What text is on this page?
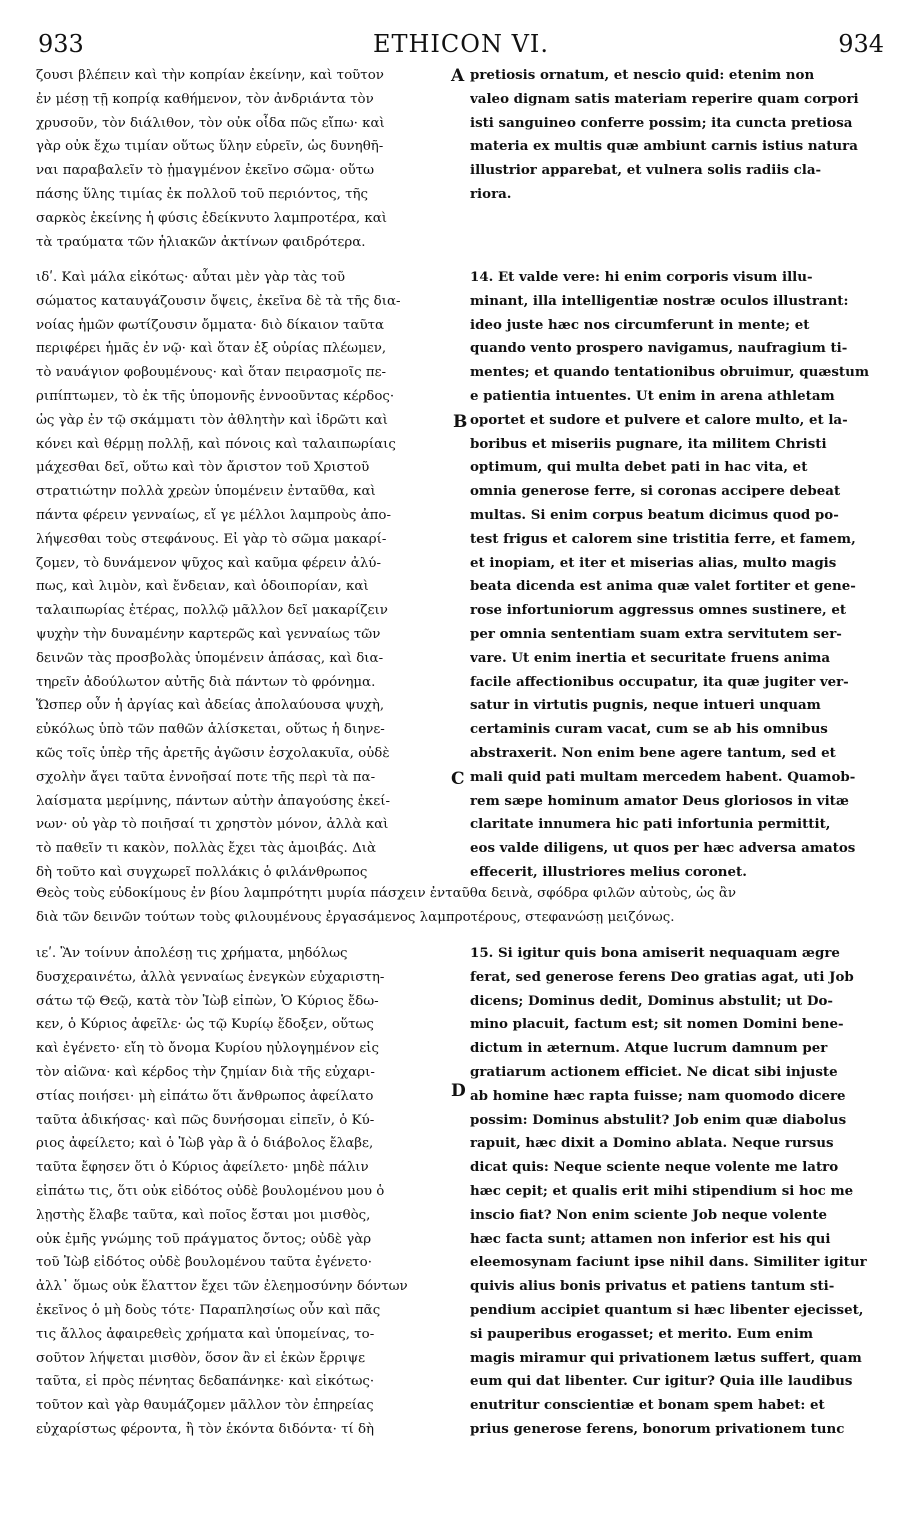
933	ETHICON VI.	934
A
B
C
D
ζουσι βλέπειν καὶ τὴν κοπρίαν ἐκείνην, καὶ τοῦτον
ἐν μέσῃ τῇ κοπρίᾳ καθήμενον, τὸν ἀνδριάντα τὸν
χρυσοῦν, τὸν διάλιθον, τὸν οὐκ οἶδα πῶς εἴπω· καὶ
γὰρ οὐκ ἔχω τιμίαν οὕτως ὕλην εὑρεῖν, ὡς δυνηθῆ-
ναι παραβαλεῖν τὸ ᾑμαγμένον ἐκεῖνο σῶμα· οὕτω
πάσης ὕλης τιμίας ἐκ πολλοῦ τοῦ περιόντος, τῆς
σαρκὸς ἐκείνης ἡ φύσις ἐδείκνυτο λαμπροτέρα, καὶ
τὰ τραύματα τῶν ἡλιακῶν ἀκτίνων φαιδρότερα.
pretiosis ornatum, et nescio quid: etenim non
valeo dignam satis materiam reperire quam corpori
isti sanguineo conferre possim; ita cuncta pretiosa
materia ex multis quæ ambiunt carnis istius natura
illustrior apparebat, et vulnera solis radiis cla-
riora.
ιδʹ. Καὶ μάλα εἰκότως· αὗται μὲν γὰρ τὰς τοῦ
σώματος καταυγάζουσιν ὄψεις, ἐκεῖνα δὲ τὰ τῆς δια-
νοίας ἡμῶν φωτίζουσιν ὄμματα· διὸ δίκαιον ταῦτα
περιφέρει ἡμᾶς ἐν νῷ· καὶ ὅταν ἐξ οὐρίας πλέωμεν,
τὸ ναυάγιον φοβουμένους· καὶ ὅταν πειρασμοῖς πε-
ριπίπτωμεν, τὸ ἐκ τῆς ὑπομονῆς ἐννοοῦντας κέρδος·
ὡς γὰρ ἐν τῷ σκάμματι τὸν ἀθλητὴν καὶ ἱδρῶτι καὶ
κόνει καὶ θέρμῃ πολλῇ, καὶ πόνοις καὶ ταλαιπωρίαις
μάχεσθαι δεῖ, οὕτω καὶ τὸν ἄριστον τοῦ Χριστοῦ
στρατιώτην πολλὰ χρεὼν ὑπομένειν ἐνταῦθα, καὶ
πάντα φέρειν γενναίως, εἴ γε μέλλοι λαμπροὺς ἀπο-
λήψεσθαι τοὺς στεφάνους. Εἰ γὰρ τὸ σῶμα μακαρί-
ζομεν, τὸ δυνάμενον ψῦχος καὶ καῦμα φέρειν ἀλύ-
πως, καὶ λιμὸν, καὶ ἔνδειαν, καὶ ὁδοιπορίαν, καὶ
ταλαιπωρίας ἑτέρας, πολλῷ μᾶλλον δεῖ μακαρίζειν
ψυχὴν τὴν δυναμένην καρτερῶς καὶ γενναίως τῶν
δεινῶν τὰς προσβολὰς ὑπομένειν ἁπάσας, καὶ δια-
τηρεῖν ἀδούλωτον αὐτῆς διὰ πάντων τὸ φρόνημα.
Ὥσπερ οὖν ἡ ἀργίας καὶ ἀδείας ἀπολαύουσα ψυχὴ,
εὐκόλως ὑπὸ τῶν παθῶν ἁλίσκεται, οὕτως ἡ διηνε-
κῶς τοῖς ὑπὲρ τῆς ἀρετῆς ἀγῶσιν ἐσχολακυῖα, οὐδὲ
σχολὴν ἄγει ταῦτα ἐννοῆσαί ποτε τῆς περὶ τὰ πα-
λαίσματα μερίμνης, πάντων αὐτὴν ἀπαγούσης ἐκεί-
νων· οὐ γὰρ τὸ ποιῆσαί τι χρηστὸν μόνον, ἀλλὰ καὶ
τὸ παθεῖν τι κακὸν, πολλὰς ἔχει τὰς ἀμοιβάς. Διὰ
δὴ τοῦτο καὶ συγχωρεῖ πολλάκις ὁ φιλάνθρωπος
14. Et valde vere: hi enim corporis visum illu-
minant, illa intelligentiæ nostræ oculos illustrant:
ideo juste hæc nos circumferunt in mente; et
quando vento prospero navigamus, naufragium ti-
mentes; et quando tentationibus obruimur, quæstum
e patientia intuentes. Ut enim in arena athletam
oportet et sudore et pulvere et calore multo, et la-
boribus et miseriis pugnare, ita militem Christi
optimum, qui multa debet pati in hac vita, et
omnia generose ferre, si coronas accipere debeat
multas. Si enim corpus beatum dicimus quod po-
test frigus et calorem sine tristitia ferre, et famem,
et inopiam, et iter et miserias alias, multo magis
beata dicenda est anima quæ valet fortiter et gene-
rose infortuniorum aggressus omnes sustinere, et
per omnia sententiam suam extra servitutem ser-
vare. Ut enim inertia et securitate fruens anima
facile affectionibus occupatur, ita quæ jugiter ver-
satur in virtutis pugnis, neque intueri unquam
certaminis curam vacat, cum se ab his omnibus
abstraxerit. Non enim bene agere tantum, sed et
mali quid pati multam mercedem habent. Quamob-
rem sæpe hominum amator Deus gloriosos in vitæ
claritate innumera hic pati infortunia permittit,
eos valde diligens, ut quos per hæc adversa amatos
effecerit, illustriores melius coronet.
Θεὸς τοὺς εὐδοκίμους ἐν βίου λαμπρότητι μυρία πάσχειν ἐνταῦθα δεινὰ, σφόδρα φιλῶν αὐτοὺς, ὡς ἂν
διὰ τῶν δεινῶν τούτων τοὺς φιλουμένους ἐργασάμενος λαμπροτέρους, στεφανώσῃ μειζόνως.
ιεʹ. Ἂν τοίνυν ἀπολέσῃ τις χρήματα, μηδόλως
δυσχεραινέτω, ἀλλὰ γενναίως ἐνεγκὼν εὐχαριστη-
σάτω τῷ Θεῷ, κατὰ τὸν Ἰὼβ εἰπὼν, Ὁ Κύριος ἔδω-
κεν, ὁ Κύριος ἀφεῖλε· ὡς τῷ Κυρίῳ ἔδοξεν, οὕτως
καὶ ἐγένετο· εἴη τὸ ὄνομα Κυρίου ηὐλογημένον εἰς
τὸν αἰῶνα· καὶ κέρδος τὴν ζημίαν διὰ τῆς εὐχαρι-
στίας ποιήσει· μὴ εἰπάτω ὅτι ἄνθρωπος ἀφείλατο
ταῦτα ἀδικήσας· καὶ πῶς δυνήσομαι εἰπεῖν, ὁ Κύ-
ριος ἀφείλετο; καὶ ὁ Ἰὼβ γὰρ ἃ ὁ διάβολος ἔλαβε,
ταῦτα ἔφησεν ὅτι ὁ Κύριος ἀφείλετο· μηδὲ πάλιν
εἰπάτω τις, ὅτι οὐκ εἰδότος οὐδὲ βουλομένου μου ὁ
λῃστὴς ἔλαβε ταῦτα, καὶ ποῖος ἔσται μοι μισθὸς,
οὐκ ἐμῆς γνώμης τοῦ πράγματος ὄντος; οὐδὲ γὰρ
τοῦ Ἰὼβ εἰδότος οὐδὲ βουλομένου ταῦτα ἐγένετο·
ἀλλ᾽ ὅμως οὐκ ἔλαττον ἔχει τῶν ἐλεημοσύνην δόντων
ἐκεῖνος ὁ μὴ δοὺς τότε· Παραπλησίως οὖν καὶ πᾶς
τις ἄλλος ἀφαιρεθεὶς χρήματα καὶ ὑπομείνας, το-
σοῦτον λήψεται μισθὸν, ὅσον ἂν εἰ ἑκὼν ἔρριψε
ταῦτα, εἰ πρὸς πένητας δεδαπάνηκε· καὶ εἰκότως·
τοῦτον καὶ γὰρ θαυμάζομεν μᾶλλον τὸν ἐπηρείας
εὐχαρίστως φέροντα, ἢ τὸν ἑκόντα διδόντα· τί δὴ
15. Si igitur quis bona amiserit nequaquam ægre
ferat, sed generose ferens Deo gratias agat, uti Job
dicens; Dominus dedit, Dominus abstulit; ut Do-
mino placuit, factum est; sit nomen Domini bene-
dictum in æternum. Atque lucrum damnum per
gratiarum actionem efficiet. Ne dicat sibi injuste
ab homine hæc rapta fuisse; nam quomodo dicere
possim: Dominus abstulit? Job enim quæ diabolus
rapuit, hæc dixit a Domino ablata. Neque rursus
dicat quis: Neque sciente neque volente me latro
hæc cepit; et qualis erit mihi stipendium si hoc me
inscio fiat? Non enim sciente Job neque volente
hæc facta sunt; attamen non inferior est his qui
eleemosynam faciunt ipse nihil dans. Similiter igitur
quivis alius bonis privatus et patiens tantum sti-
pendium accipiet quantum si hæc libenter ejecisset,
si pauperibus erogasset; et merito. Eum enim
magis miramur qui privationem lætus suffert, quam
eum qui dat libenter. Cur igitur? Quia ille laudibus
enutritur conscientiæ et bonam spem habet: et
prius generose ferens, bonorum privationem tunc
